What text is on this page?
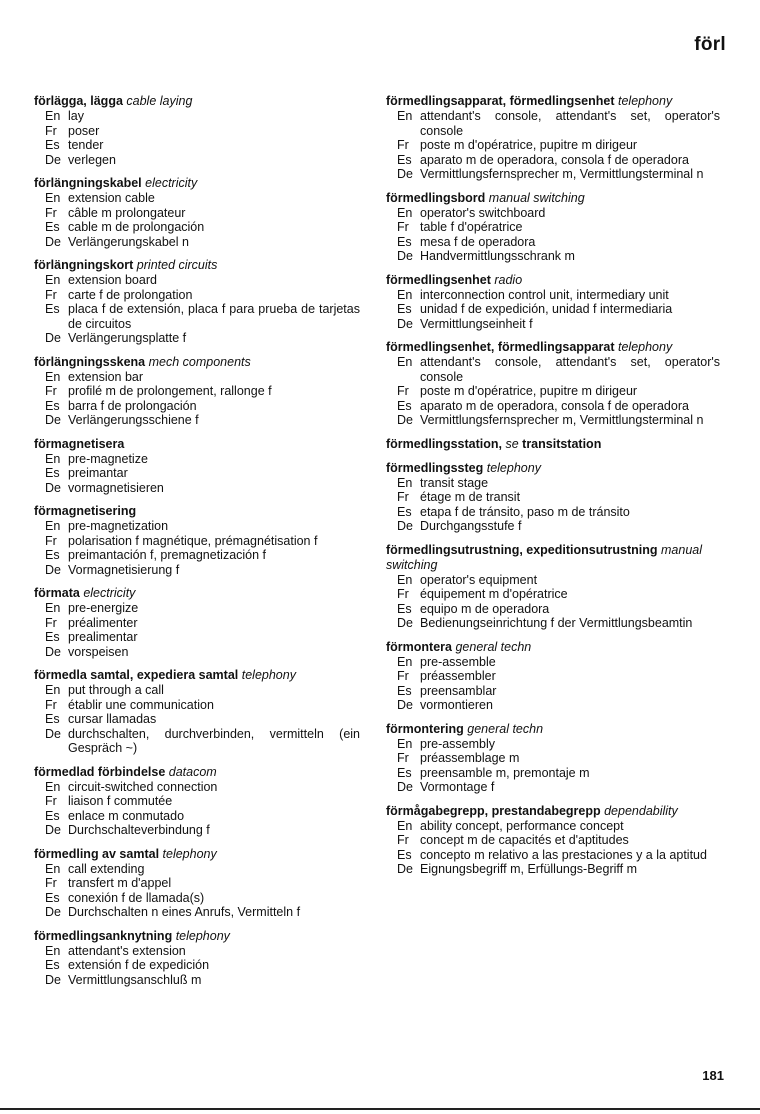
förl
förlägga, lägga cable laying
En lay
Fr poser
Es tender
De verlegen
förlängningskabel electricity
En extension cable
Fr câble m prolongateur
Es cable m de prolongación
De Verlängerungskabel n
förlängningskort printed circuits
En extension board
Fr carte f de prolongation
Es placa f de extensión, placa f para prueba de tarjetas de circuitos
De Verlängerungsplatte f
förlängningsskena mech components
En extension bar
Fr profilé m de prolongement, rallonge f
Es barra f de prolongación
De Verlängerungsschiene f
förmagnetisera
En pre-magnetize
Es preimantar
De vormagnetisieren
förmagnetisering
En pre-magnetization
Fr polarisation f magnétique, prémagnétisation f
Es preimantación f, premagnetización f
De Vormagnetisierung f
förmata electricity
En pre-energize
Fr préalimenter
Es prealimentar
De vorspeisen
förmedla samtal, expediera samtal telephony
En put through a call
Fr établir une communication
Es cursar llamadas
De durchschalten, durchverbinden, vermitteln (ein Gespräch ~)
förmedlad förbindelse datacom
En circuit-switched connection
Fr liaison f commutée
Es enlace m conmutado
De Durchschalteverbindung f
förmedling av samtal telephony
En call extending
Fr transfert m d'appel
Es conexión f de llamada(s)
De Durchschalten n eines Anrufs, Vermitteln f
förmedlingsanknytning telephony
En attendant's extension
Es extensión f de expedición
De Vermittlungsanschluß m
förmedlingsapparat, förmedlingsenhet telephony
En attendant's console, attendant's set, operator's console
Fr poste m d'opératrice, pupitre m dirigeur
Es aparato m de operadora, consola f de operadora
De Vermittlungsfernsprecher m, Vermittlungsterminal n
förmedlingsbord manual switching
En operator's switchboard
Fr table f d'opératrice
Es mesa f de operadora
De Handvermittlungsschrank m
förmedlingsenhet radio
En interconnection control unit, intermediary unit
Es unidad f de expedición, unidad f intermediaria
De Vermittlungseinheit f
förmedlingsenhet, förmedlingsapparat telephony
En attendant's console, attendant's set, operator's console
Fr poste m d'opératrice, pupitre m dirigeur
Es aparato m de operadora, consola f de operadora
De Vermittlungsfernsprecher m, Vermittlungsterminal n
förmedlingsstation, se transitstation
förmedlingssteg telephony
En transit stage
Fr étage m de transit
Es etapa f de tránsito, paso m de tránsito
De Durchgangsstufe f
förmedlingsutrustning, expeditionsutrustning manual switching
En operator's equipment
Fr équipement m d'opératrice
Es equipo m de operadora
De Bedienungseinrichtung f der Vermittlungsbeamtin
förmontera general techn
En pre-assemble
Fr préassembler
Es preensamblar
De vormontieren
förmontering general techn
En pre-assembly
Fr préassemblage m
Es preensamble m, premontaje m
De Vormontage f
förmågabegrepp, prestandabegrepp dependability
En ability concept, performance concept
Fr concept m de capacités et d'aptitudes
Es concepto m relativo a las prestaciones y a la aptitud
De Eignungsbegriff m, Erfüllungs-Begriff m
181
